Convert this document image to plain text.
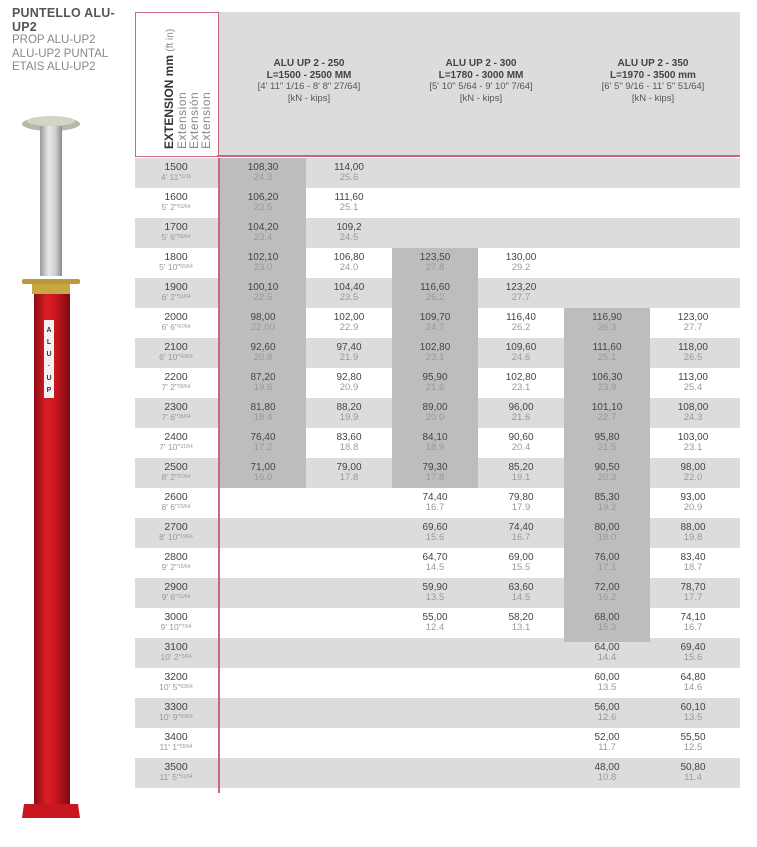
PUNTELLO ALU-UP2
PROP ALU-UP2
ALU-UP2 PUNTAL
ETAIS ALU-UP2
A
L
U
·
U
P
EXTENSION mm (ft in)
Extension
Extensión
Extension
ALU UP 2 - 250
L=1500 - 2500 MM
[4' 11" 1/16 - 8' 8" 27/64]
[kN - kips]
ALU UP 2 - 300
L=1780 - 3000 MM
[5' 10" 5/64 - 9' 10" 7/64]
[kN - kips]
ALU UP 2 - 350
L=1970 - 3500 mm
[6' 5" 9/16 - 11' 5" 51/64]
[kN - kips]
1500
4' 11"$^{1/16}$
108,30
24.3
114,00
25.6
1600
5' 2"$^{63/64}$
106,20
23.5
111,60
25.1
1700
5' 6"$^{59/64}$
104,20
23.4
109,2
24.5
1800
5' 10"$^{55/64}$
102,10
23.0
106,80
24.0
123,50
27.8
130,00
29.2
1900
6' 2"$^{51/64}$
100,10
22.5
104,40
23.5
116,60
26.2
123,20
27.7
2000
6' 6"$^{47/64}$
98,00
22.00
102,00
22.9
109,70
24.7
116,40
26.2
116,90
26.3
123,00
27.7
2100
6' 10"$^{43/64}$
92,60
20.8
97,40
21.9
102,80
23.1
109,60
24.6
111,60
25.1
118,00
26.5
2200
7' 2"$^{39/64}$
87,20
19.6
92,80
20.9
95,90
21.6
102,80
23.1
106,30
23.9
113,00
25.4
2300
7' 6"$^{35/64}$
81,80
18.4
88,20
19.9
89,00
20.0
96,00
21.6
101,10
22.7
108,00
24.3
2400
7' 10"$^{31/64}$
76,40
17.2
83,60
18.8
84,10
18.9
90,60
20.4
95,80
21.5
103,00
23.1
2500
8' 2"$^{27/64}$
71,00
16.0
79,00
17.8
79,30
17.8
85,20
19.1
90,50
20.3
98,00
22.0
2600
8' 6"$^{23/64}$
74,40
16.7
79,80
17.9
85,30
19.2
93,00
20.9
2700
8' 10"$^{19/64}$
69,60
15.6
74,40
16.7
80,00
18.0
88,00
19.8
2800
9' 2"$^{15/64}$
64,70
14.5
69,00
15.5
76,00
17.1
83,40
18.7
2900
9' 6"$^{11/64}$
59,90
13.5
63,60
14.5
72,00
16.2
78,70
17.7
3000
9' 10"$^{7/64}$
55,00
12.4
58,20
13.1
68,00
15.3
74,10
16.7
3100
10' 2"$^{3/64}$
64,00
14.4
69,40
15.6
3200
10' 5"$^{63/64}$
60,00
13.5
64,80
14.6
3300
10' 9"$^{59/64}$
56,00
12.6
60,10
13.5
3400
11' 1"$^{55/64}$
52,00
11.7
55,50
12.5
3500
11' 5"$^{51/64}$
48,00
10.8
50,80
11.4
